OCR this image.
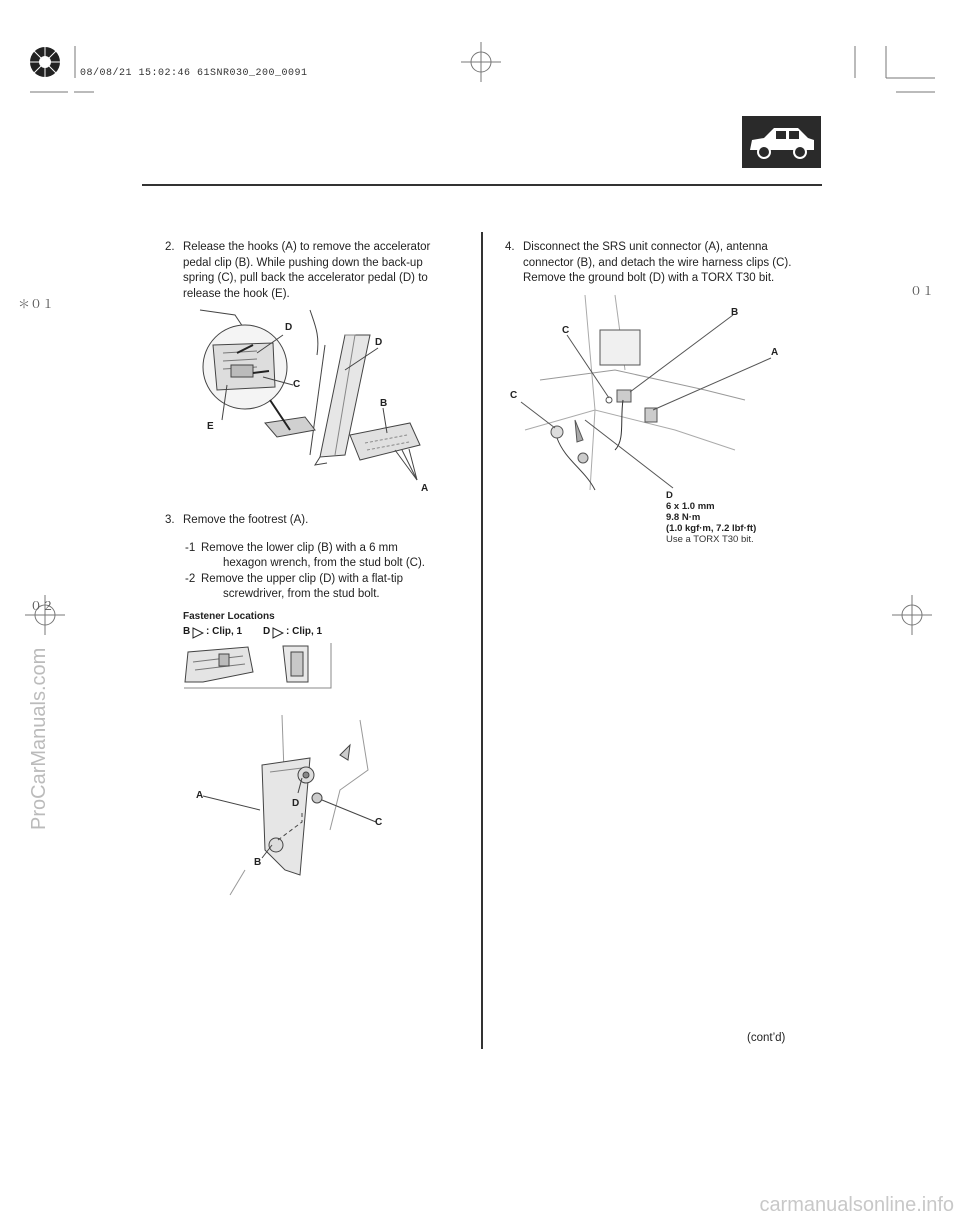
08/08/21 15:02:46 61SNR030_200_0091
＊０１
０２
０１
2. Release the hooks (A) to remove the accelerator
pedal clip (B). While pushing down the back-up
spring (C), pull back the accelerator pedal (D) to
release the hook (E).
D
D
C
B
E
A
3. Remove the footrest (A).
-1 Remove the lower clip (B) with a 6 mm
hexagon wrench, from the stud bolt (C).
-2 Remove the upper clip (D) with a flat-tip
screwdriver, from the stud bolt.
Fastener Locations
B : Clip, 1 D : Clip, 1
A
D
C
B
4. Disconnect the SRS unit connector (A), antenna
connector (B), and detach the wire harness clips (C).
Remove the ground bolt (D) with a TORX T30 bit.
B
C
A
C
D
6 x 1.0 mm
9.8 N·m
(1.0 kgf·m, 7.2 lbf·ft)
Use a TORX T30 bit.
(cont’d)
ProCarManuals.com
carmanualsonline.info
